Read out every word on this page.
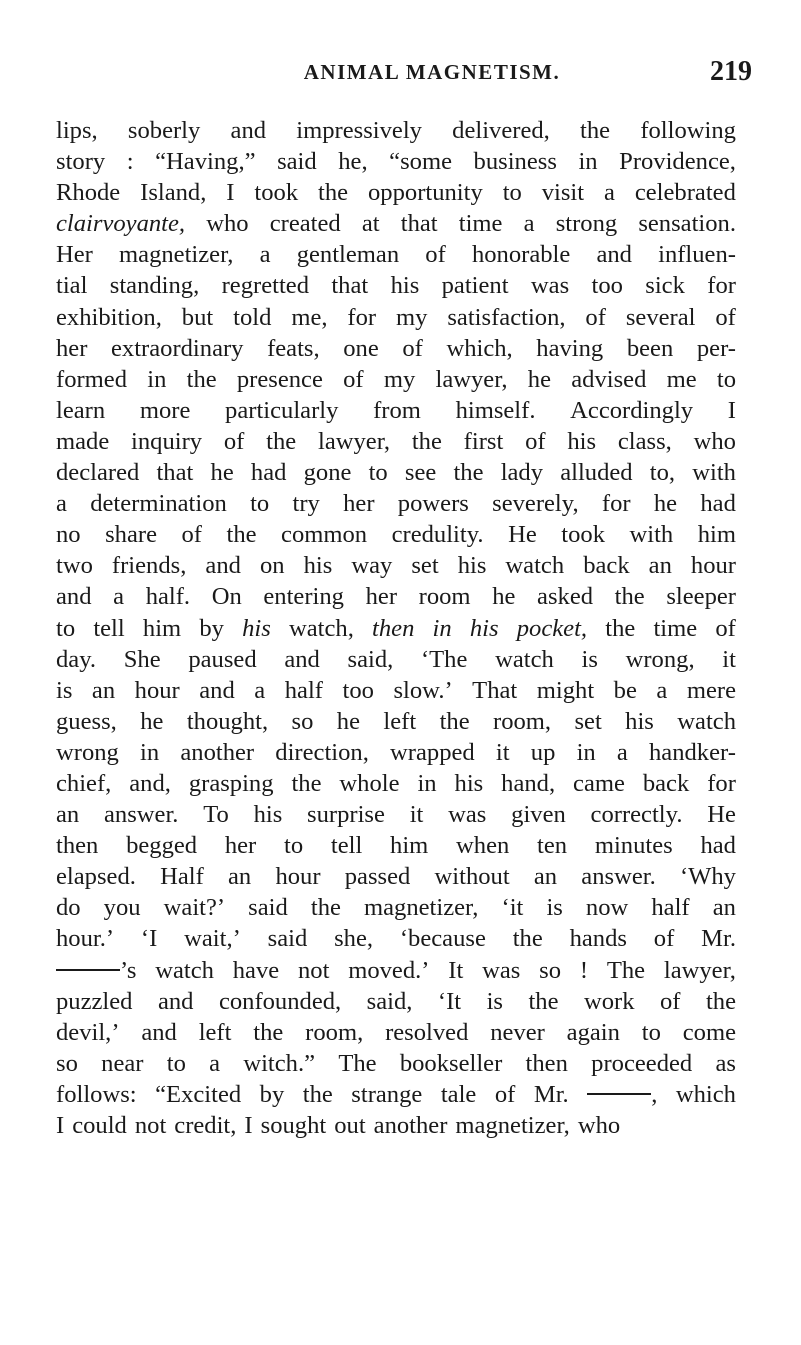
ANIMAL MAGNETISM.	219
lips, soberly and impressively delivered, the following
story : “Having,” said he, “some business in Providence,
Rhode Island, I took the opportunity to visit a celebrated
clairvoyante, who created at that time a strong sensation.
Her magnetizer, a gentleman of honorable and influen-
tial standing, regretted that his patient was too sick for
exhibition, but told me, for my satisfaction, of several of
her extraordinary feats, one of which, having been per-
formed in the presence of my lawyer, he advised me to
learn more particularly from himself. Accordingly I
made inquiry of the lawyer, the first of his class, who
declared that he had gone to see the lady alluded to, with
a determination to try her powers severely, for he had
no share of the common credulity. He took with him
two friends, and on his way set his watch back an hour
and a half. On entering her room he asked the sleeper
to tell him by his watch, then in his pocket, the time of
day. She paused and said, ‘The watch is wrong, it
is an hour and a half too slow.’ That might be a mere
guess, he thought, so he left the room, set his watch
wrong in another direction, wrapped it up in a handker-
chief, and, grasping the whole in his hand, came back for
an answer. To his surprise it was given correctly. He
then begged her to tell him when ten minutes had
elapsed. Half an hour passed without an answer. ‘Why
do you wait?’ said the magnetizer, ‘it is now half an
hour.’ ‘I wait,’ said she, ‘because the hands of Mr.
’s watch have not moved.’ It was so ! The lawyer,
puzzled and confounded, said, ‘It is the work of the
devil,’ and left the room, resolved never again to come
so near to a witch.” The bookseller then proceeded as
follows: “Excited by the strange tale of Mr.	, which
I could not credit, I sought out another magnetizer, who
